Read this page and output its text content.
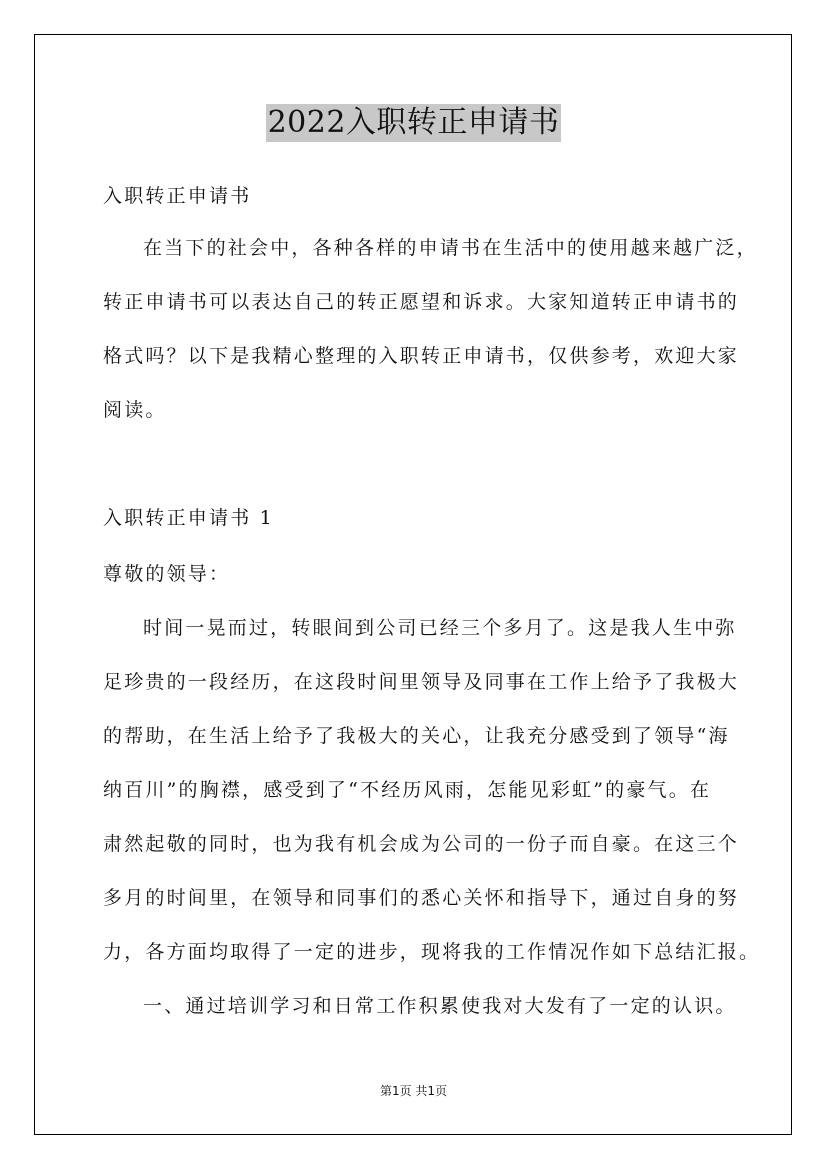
2022入职转正申请书
入职转正申请书
在当下的社会中，各种各样的申请书在生活中的使用越来越广泛，
转正申请书可以表达自己的转正愿望和诉求。大家知道转正申请书的
格式吗？以下是我精心整理的入职转正申请书，仅供参考，欢迎大家
阅读。
入职转正申请书 1
尊敬的领导：
时间一晃而过，转眼间到公司已经三个多月了。这是我人生中弥
足珍贵的一段经历，在这段时间里领导及同事在工作上给予了我极大
的帮助，在生活上给予了我极大的关心，让我充分感受到了领导“海
纳百川”的胸襟，感受到了“不经历风雨，怎能见彩虹”的豪气。在
肃然起敬的同时，也为我有机会成为公司的一份子而自豪。在这三个
多月的时间里，在领导和同事们的悉心关怀和指导下，通过自身的努
力，各方面均取得了一定的进步，现将我的工作情况作如下总结汇报。
一、通过培训学习和日常工作积累使我对大发有了一定的认识。
第1页 共1页
